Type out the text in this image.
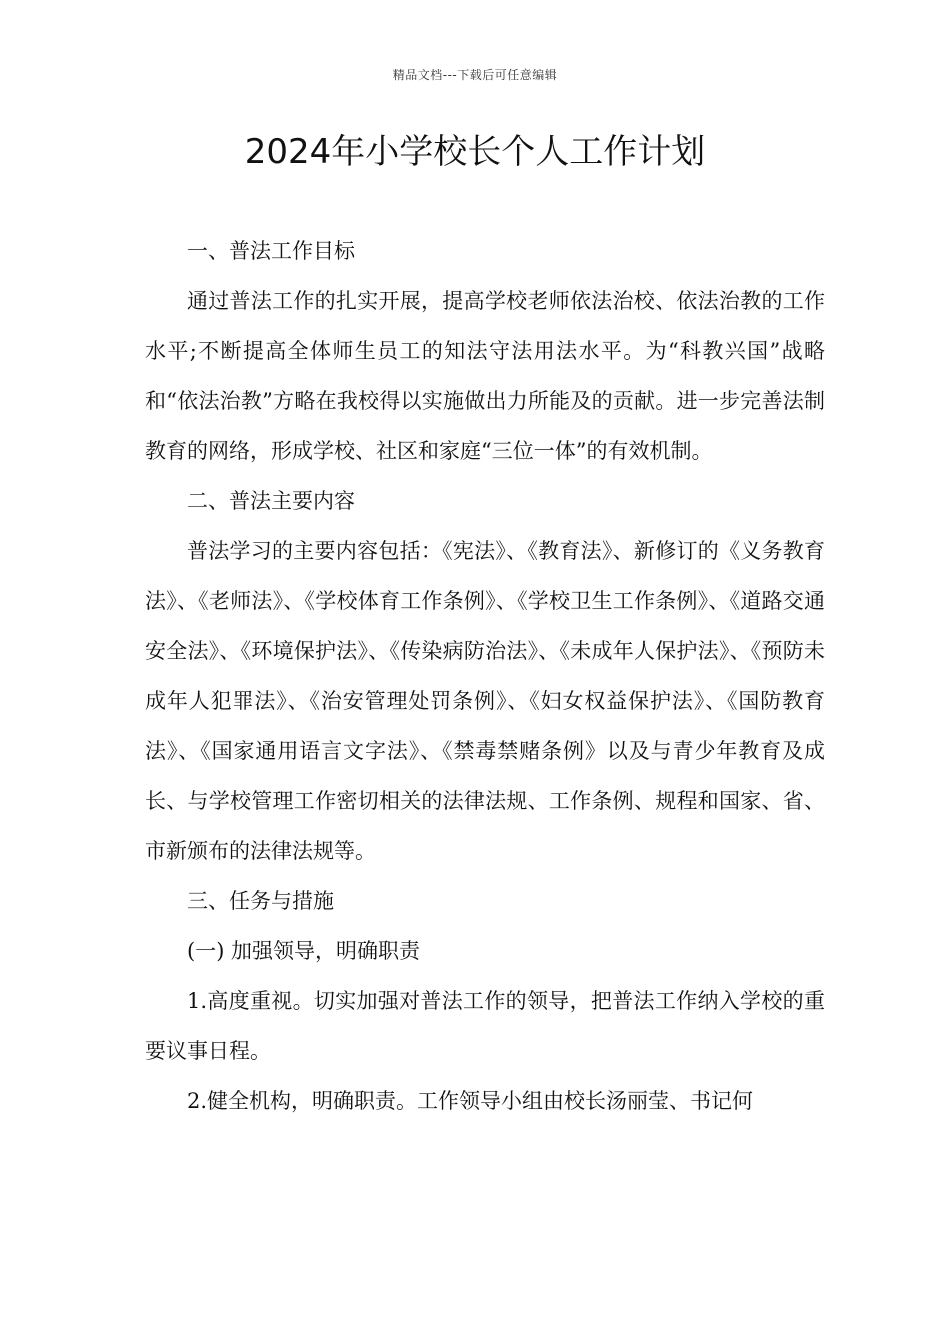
精品文档---下载后可任意编辑
2024年小学校长个人工作计划

一、普法工作目标

通过普法工作的扎实开展，提高学校老师依法治校、依法治教的工作水平;不断提高全体师生员工的知法守法用法水平。为“科教兴国”战略和“依法治教”方略在我校得以实施做出力所能及的贡献。进一步完善法制教育的网络，形成学校、社区和家庭“三位一体”的有效机制。

二、普法主要内容

普法学习的主要内容包括：《宪法》、《教育法》、新修订的《义务教育法》、《老师法》、《学校体育工作条例》、《学校卫生工作条例》、《道路交通安全法》、《环境保护法》、《传染病防治法》、《未成年人保护法》、《预防未成年人犯罪法》、《治安管理处罚条例》、《妇女权益保护法》、《国防教育法》、《国家通用语言文字法》、《禁毒禁赌条例》以及与青少年教育及成长、与学校管理工作密切相关的法律法规、工作条例、规程和国家、省、市新颁布的法律法规等。

三、任务与措施

(一) 加强领导，明确职责

1.高度重视。切实加强对普法工作的领导，把普法工作纳入学校的重要议事日程。

2.健全机构，明确职责。工作领导小组由校长汤丽莹、书记何
